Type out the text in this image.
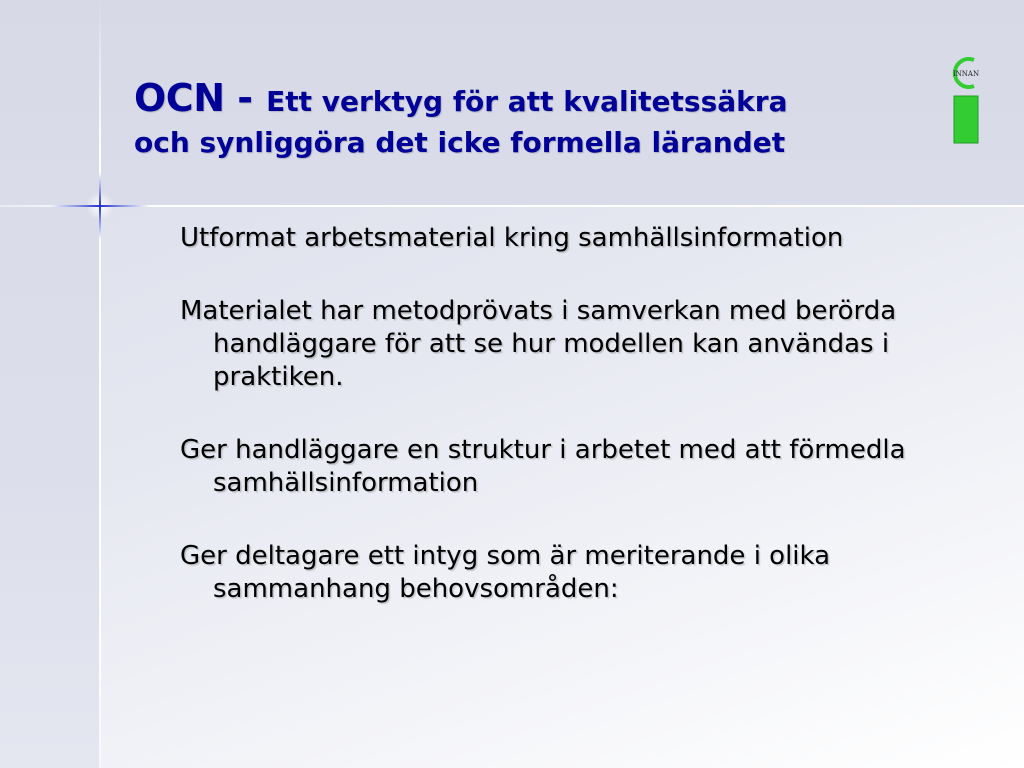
OCN - Ett verktyg för att kvalitetssäkra
och synliggöra det icke formella lärandet
INNAN

Utformat arbetsmaterial kring samhällsinformation

Materialet har metodprövats i samverkan med berörda handläggare för att se hur modellen kan användas i praktiken.

Ger handläggare en struktur i arbetet med att förmedla samhällsinformation

Ger deltagare ett intyg som är meriterande i olika sammanhang behovsområden:
